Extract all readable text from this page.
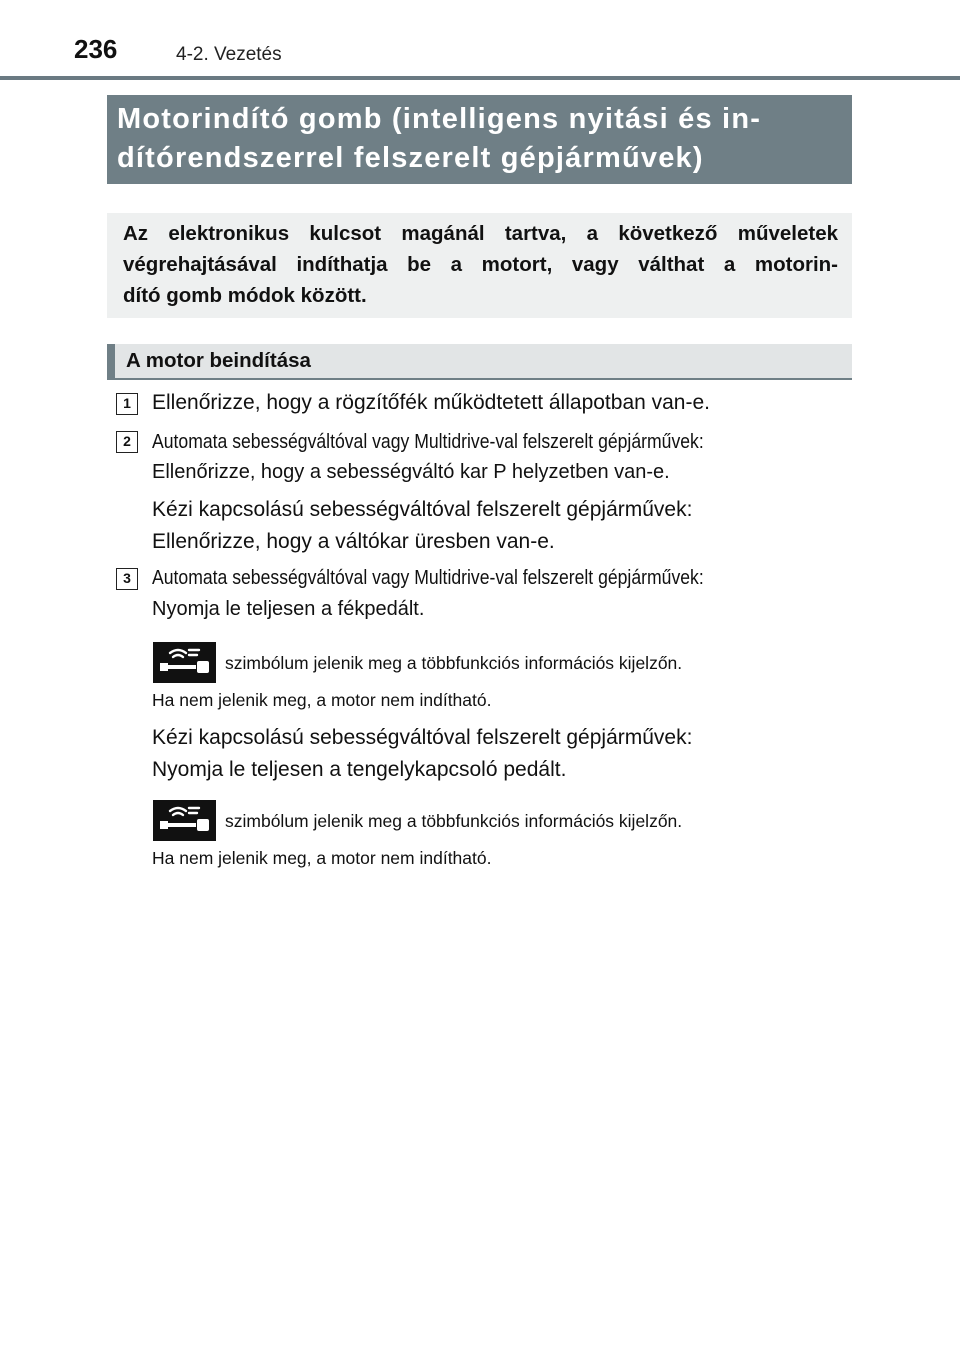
236	4-2. Vezetés
Motorindító gomb (intelligens nyitási és in-
dítórendszerrel felszerelt gépjárművek)
Az elektronikus kulcsot magánál tartva, a következő műveletek
végrehajtásával indíthatja be a motort, vagy válthat a motorin-
dító gomb módok között.
A motor beindítása
1	Ellenőrizze, hogy a rögzítőfék működtetett állapotban van-e.
2	Automata sebességváltóval vagy Multidrive-val felszerelt gépjárművek:
Ellenőrizze, hogy a sebességváltó kar P helyzetben van-e.
Kézi kapcsolású sebességváltóval felszerelt gépjárművek:
Ellenőrizze, hogy a váltókar üresben van-e.
3	Automata sebességváltóval vagy Multidrive-val felszerelt gépjárművek:
Nyomja le teljesen a fékpedált.
szimbólum jelenik meg a többfunkciós információs kijelzőn.
Ha nem jelenik meg, a motor nem indítható.
Kézi kapcsolású sebességváltóval felszerelt gépjárművek:
Nyomja le teljesen a tengelykapcsoló pedált.
szimbólum jelenik meg a többfunkciós információs kijelzőn.
Ha nem jelenik meg, a motor nem indítható.
